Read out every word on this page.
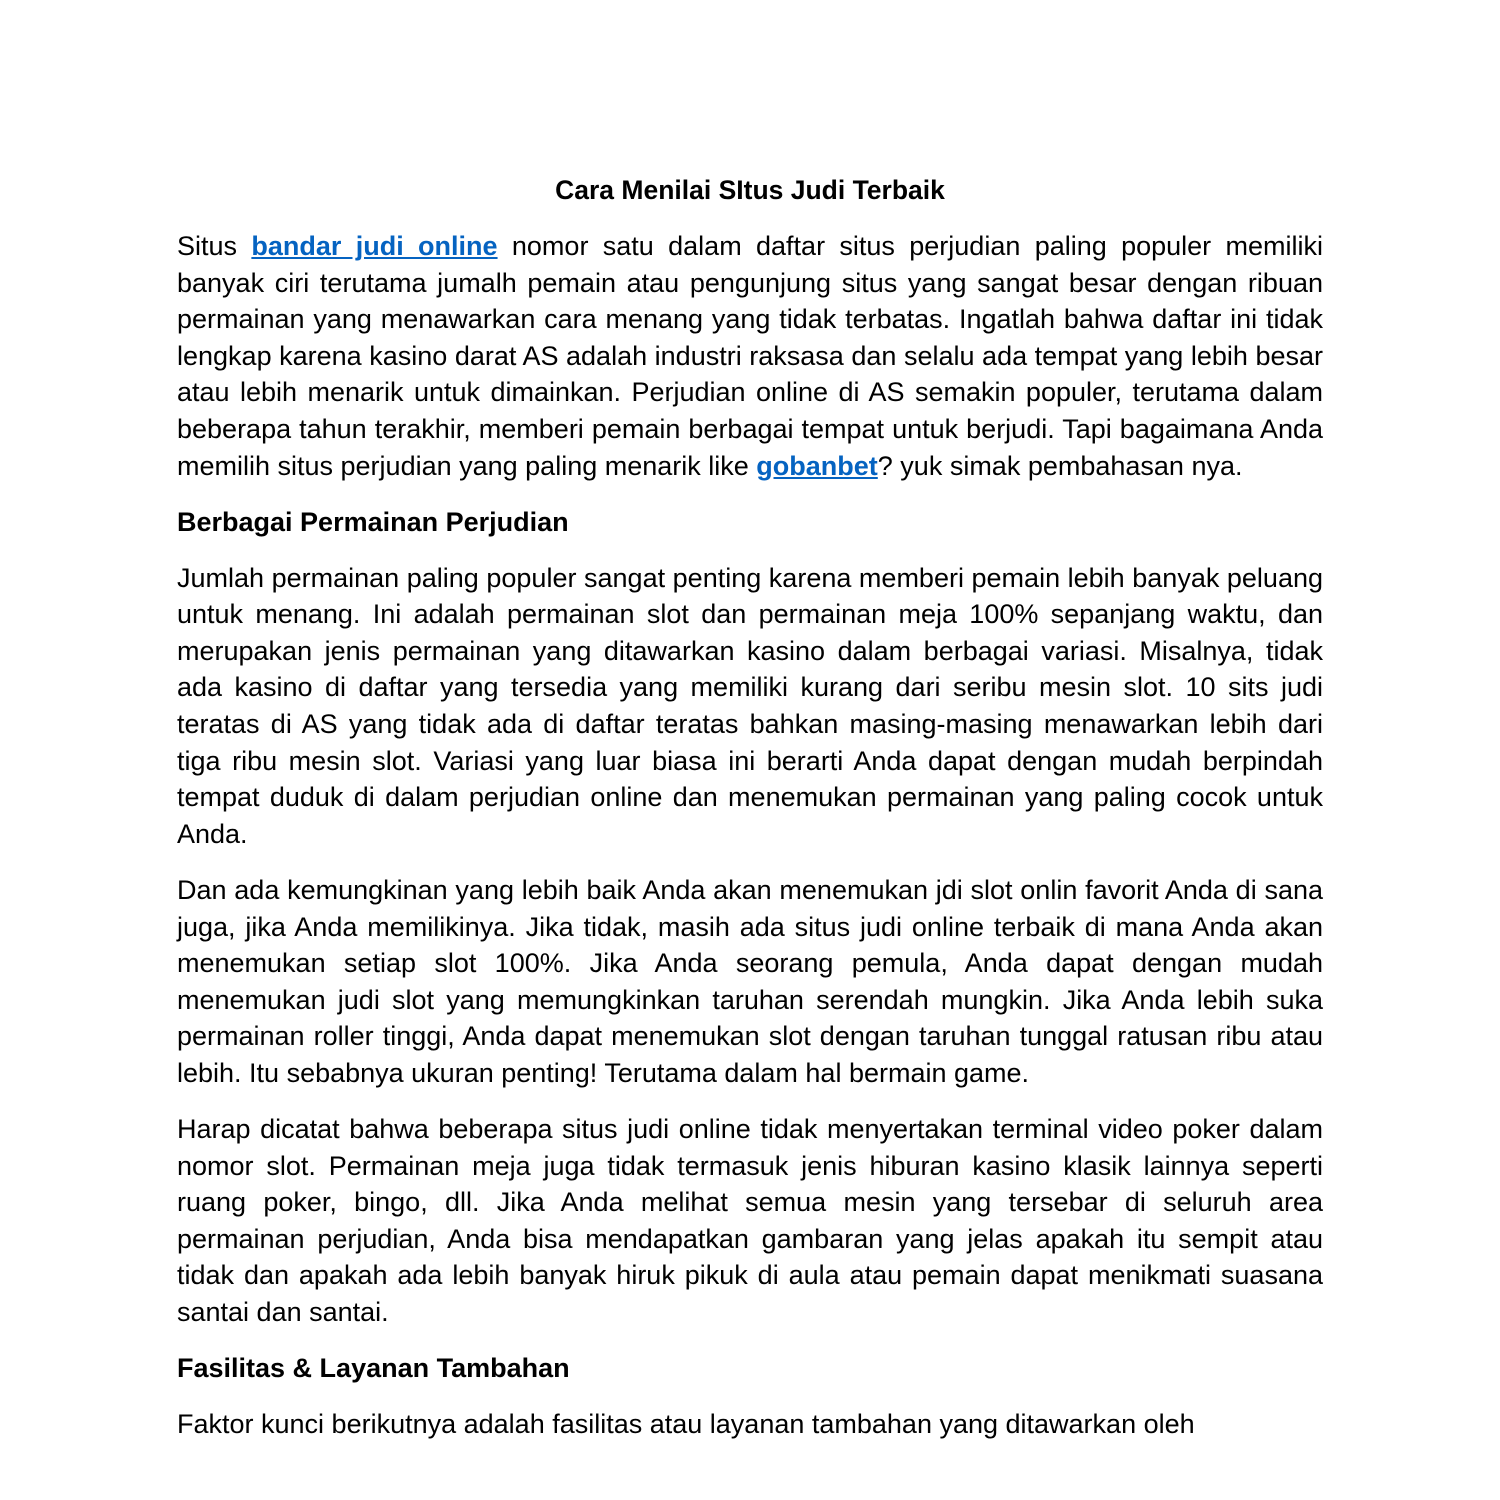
Cara Menilai SItus Judi Terbaik

Situs bandar judi online nomor satu dalam daftar situs perjudian paling populer memiliki banyak ciri terutama jumalh pemain atau pengunjung situs yang sangat besar dengan ribuan permainan yang menawarkan cara menang yang tidak terbatas. Ingatlah bahwa daftar ini tidak lengkap karena kasino darat AS adalah industri raksasa dan selalu ada tempat yang lebih besar atau lebih menarik untuk dimainkan. Perjudian online di AS semakin populer, terutama dalam beberapa tahun terakhir, memberi pemain berbagai tempat untuk berjudi. Tapi bagaimana Anda memilih situs perjudian yang paling menarik like gobanbet? yuk simak pembahasan nya.

Berbagai Permainan Perjudian

Jumlah permainan paling populer sangat penting karena memberi pemain lebih banyak peluang untuk menang. Ini adalah permainan slot dan permainan meja 100% sepanjang waktu, dan merupakan jenis permainan yang ditawarkan kasino dalam berbagai variasi. Misalnya, tidak ada kasino di daftar yang tersedia yang memiliki kurang dari seribu mesin slot. 10 sits judi teratas di AS yang tidak ada di daftar teratas bahkan masing-masing menawarkan lebih dari tiga ribu mesin slot. Variasi yang luar biasa ini berarti Anda dapat dengan mudah berpindah tempat duduk di dalam perjudian online dan menemukan permainan yang paling cocok untuk Anda.

Dan ada kemungkinan yang lebih baik Anda akan menemukan jdi slot onlin favorit Anda di sana juga, jika Anda memilikinya. Jika tidak, masih ada situs judi online terbaik di mana Anda akan menemukan setiap slot 100%. Jika Anda seorang pemula, Anda dapat dengan mudah menemukan judi slot yang memungkinkan taruhan serendah mungkin. Jika Anda lebih suka permainan roller tinggi, Anda dapat menemukan slot dengan taruhan tunggal ratusan ribu atau lebih. Itu sebabnya ukuran penting! Terutama dalam hal bermain game.

Harap dicatat bahwa beberapa situs judi online tidak menyertakan terminal video poker dalam nomor slot. Permainan meja juga tidak termasuk jenis hiburan kasino klasik lainnya seperti ruang poker, bingo, dll. Jika Anda melihat semua mesin yang tersebar di seluruh area permainan perjudian, Anda bisa mendapatkan gambaran yang jelas apakah itu sempit atau tidak dan apakah ada lebih banyak hiruk pikuk di aula atau pemain dapat menikmati suasana santai dan santai.

Fasilitas & Layanan Tambahan

Faktor kunci berikutnya adalah fasilitas atau layanan tambahan yang ditawarkan oleh
